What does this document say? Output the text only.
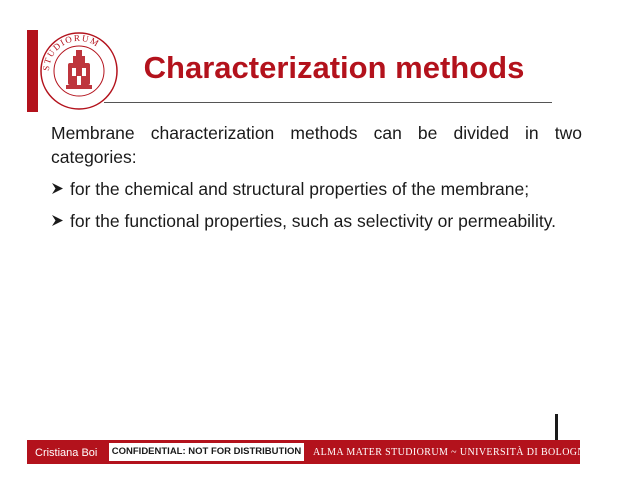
STUDIORUM
Characterization methods

Membrane characterization methods can be divided in two categories:

for the chemical and structural properties of the membrane;
for the functional properties, such as selectivity or permeability.
Cristiana Boi CONFIDENTIAL: NOT FOR DISTRIBUTION ALMA MATER STUDIORUM ~ UNIVERSITÀ DI BOLOGNA
